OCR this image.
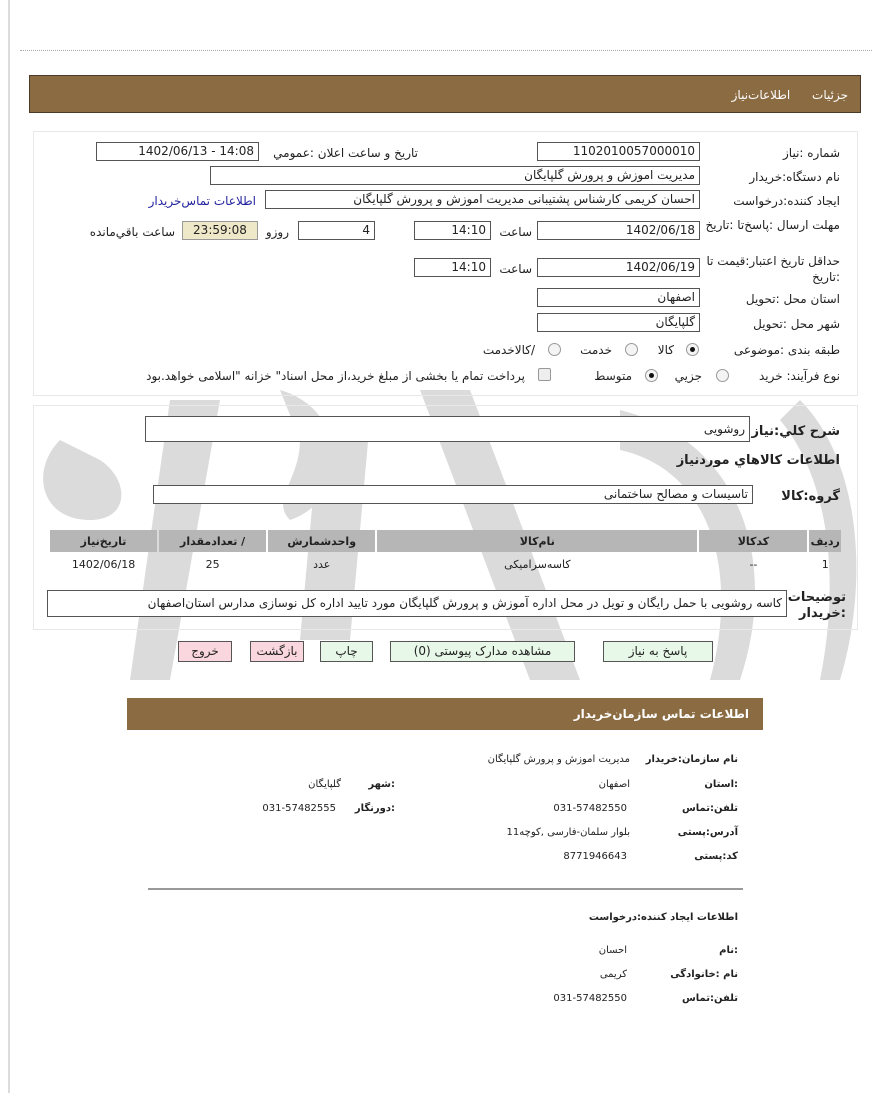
جزئیات اطلاعات‌نیاز
شماره :نیاز
1102010057000010
تاریخ و ساعت اعلان :عمومي
1402/06/13 - 14:08
نام دستگاه:خریدار
مدیریت اموزش و پرورش گلپایگان
ایجاد کننده:درخواست
احسان کریمی کارشناس پشتیبانی مدیریت اموزش و پرورش گلپایگان
اطلاعات تماس‌خریدار
مهلت ارسال :پاسخ‌تا :تاریخ
1402/06/18
ساعت
14:10
4
روزو
23:59:08
ساعت باقي‌مانده
حداقل تاریخ اعتبار:قیمت تا :تاریخ
1402/06/19
ساعت
14:10
استان محل :تحویل
اصفهان
شهر محل :تحویل
گلپایگان
طبقه بندی :موضوعی
کالا
خدمت
/کالاخدمت
نوع فرآیند: خرید
جزیي
متوسط
پرداخت تمام یا بخشی از مبلغ خرید،از محل اسناد" خزانه "اسلامی خواهد.بود
شرح کلي:نیاز
روشویی
اطلاعات کالاهاي موردنیاز
گروه:کالا
تاسیسات و مصالح ساختمانی
ردیف	کدکالا	نام‌کالا	واحدشمارش	/ تعدادمقدار	تاریخ‌نیاز
1	--	کاسه‌سرامیکی	عدد	25	1402/06/18
توضیحات :خریدار
کاسه روشویی با حمل رایگان و تویل در محل اداره آموزش و پرورش گلپایگان مورد تایید اداره کل نوسازی مدارس استان‌اصفهان
پاسخ به نیاز
مشاهده مدارک پیوستی (0)
چاپ
بازگشت
خروج
اطلاعات تماس سازمان‌خریدار
نام سازمان:خریدار
مدیریت اموزش و پرورش گلپایگان
:استان
اصفهان
:شهر
گلپایگان
تلفن:تماس
031-57482550
:دورنگار
031-57482555
آدرس:پستی
بلوار سلمان-فارسی ,کوچه11
کد:پستی
8771946643
اطلاعات ایجاد کننده:درخواست
:نام
احسان
نام :خانوادگی
کریمی
تلفن:تماس
031-57482550
